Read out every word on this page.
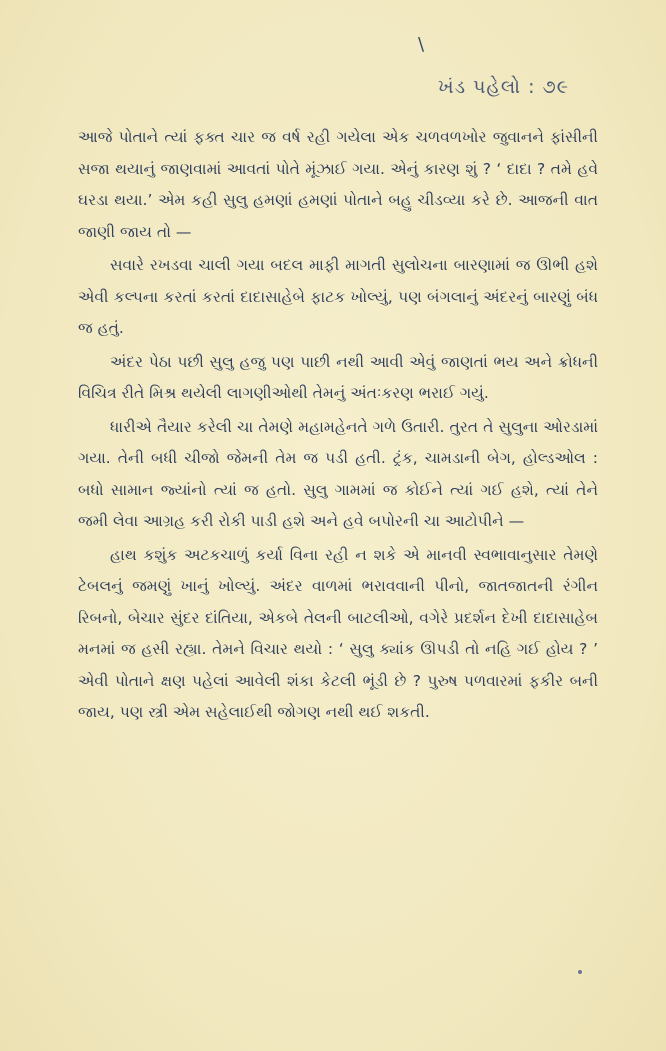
\
ખંડ પહેલો : ૭૯

આજે પોતાને ત્યાં ફક્ત ચાર જ વર્ષ રહી ગયેલા એક ચળવળખોર જુવાનને ફાંસીની સજા થયાનું જાણવામાં આવતાં પોતે મૂંઝાઈ ગયા. એનું કારણ શું ? ‘ દાદા ? તમે હવે ઘરડા થયા.’ એમ કહી સુલુ હમણાં હમણાં પોતાને બહુ ચીડવ્યા કરે છે. આજની વાત જાણી જાય તો —

સવારે રખડવા ચાલી ગયા બદલ માફી માગતી સુલોચના બારણામાં જ ઊભી હશે એવી કલ્પના કરતાં કરતાં દાદાસાહેબે ફાટક ખોલ્યું, પણ બંગલાનું અંદરનું બારણું બંધ જ હતું.

અંદર પેઠા પછી સુલુ હજુ પણ પાછી નથી આવી એવું જાણતાં ભય અને ક્રોધની વિચિત્ર રીતે મિશ્ર થયેલી લાગણીઓથી તેમનું અંતઃકરણ ભરાઈ ગયું.

ધારીએ તૈયાર કરેલી ચા તેમણે મહામહેનતે ગળે ઉતારી. તુરત તે સુલુના ઓરડામાં ગયા. તેની બધી ચીજો જેમની તેમ જ પડી હતી. ટ્રંક, ચામડાની બેગ, હોલ્ડઓલ : બધો સામાન જ્યાંનો ત્યાં જ હતો. સુલુ ગામમાં જ કોઈને ત્યાં ગઈ હશે, ત્યાં તેને જમી લેવા આગ્રહ કરી રોકી પાડી હશે અને હવે બપોરની ચા આટોપીને —

હાથ કશુંક અટકચાળું કર્યા વિના રહી ન શકે એ માનવી સ્વભાવાનુસાર તેમણે ટેબલનું જમણું ખાનું ખોલ્યું. અંદર વાળમાં ભરાવવાની પીનો, જાતજાતની રંગીન રિબનો, બેચાર સુંદર દાંતિયા, એકબે તેલની બાટલીઓ, વગેરે પ્રદર્શન દેખી દાદાસાહેબ મનમાં જ હસી રહ્યા. તેમને વિચાર થયો : ‘ સુલુ ક્યાંક ઊપડી તો નહિ ગઈ હોય ? ’ એવી પોતાને ક્ષણ પહેલાં આવેલી શંકા કેટલી ભૂંડી છે ? પુરુષ પળવારમાં ફકીર બની જાય, પણ સ્ત્રી એમ સહેલાઈથી જોગણ નથી થઈ શકતી.
